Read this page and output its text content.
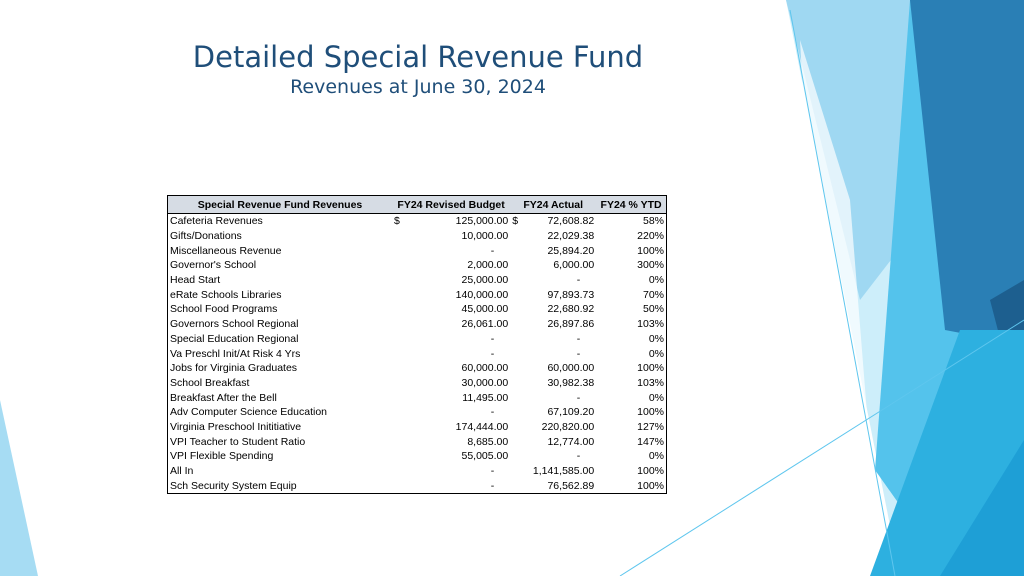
Detailed Special Revenue Fund
Revenues at June 30, 2024
Special Revenue Fund Revenues	FY24 Revised Budget		FY24 Actual		FY24 % YTD
Cafeteria Revenues	$	125,000.00	$	72,608.82	58%
Gifts/Donations		10,000.00		22,029.38	220%
Miscellaneous Revenue		-		25,894.20	100%
Governor's School		2,000.00		6,000.00	300%
Head Start		25,000.00		-	0%
eRate Schools Libraries		140,000.00		97,893.73	70%
School Food Programs		45,000.00		22,680.92	50%
Governors School Regional		26,061.00		26,897.86	103%
Special Education Regional		-		-	0%
Va Preschl Init/At Risk 4 Yrs		-		-	0%
Jobs for Virginia Graduates		60,000.00		60,000.00	100%
School Breakfast		30,000.00		30,982.38	103%
Breakfast After the Bell		11,495.00		-	0%
Adv Computer Science Education		-		67,109.20	100%
Virginia Preschool Inititiative		174,444.00		220,820.00	127%
VPI Teacher to Student Ratio		8,685.00		12,774.00	147%
VPI Flexible Spending		55,005.00		-	0%
All In		-		1,141,585.00	100%
Sch Security System Equip		-		76,562.89	100%
